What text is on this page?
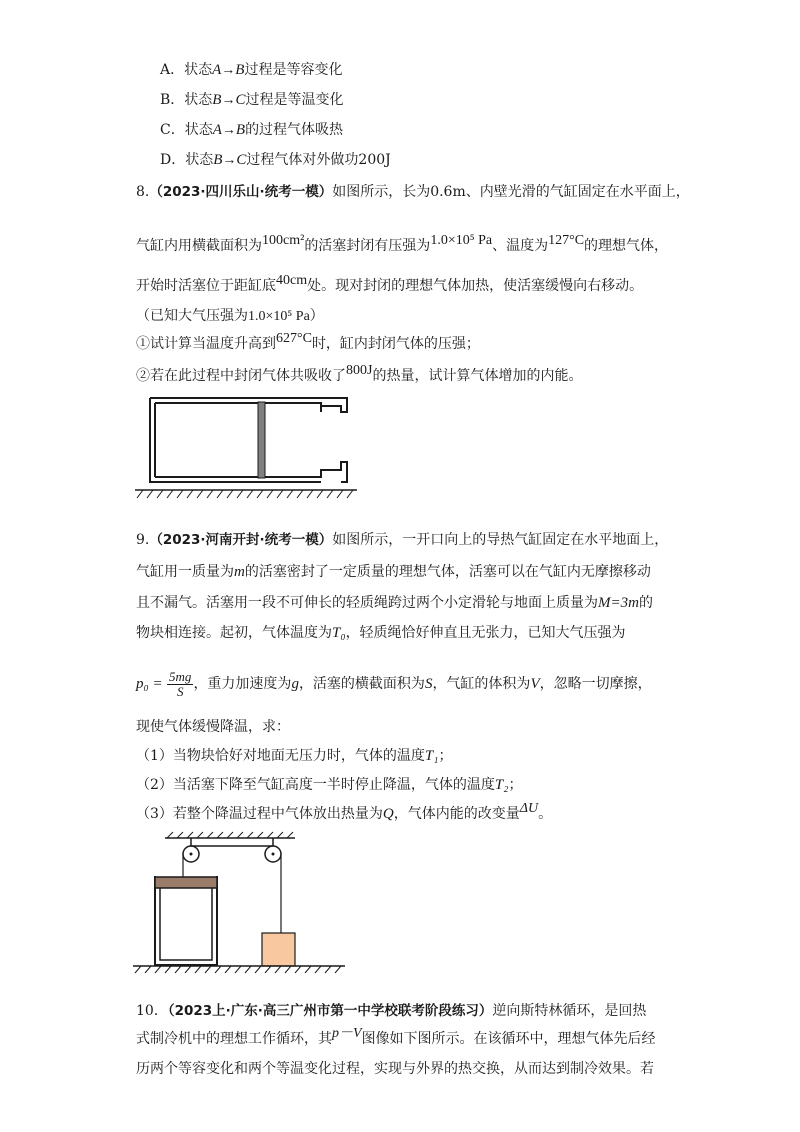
A．状态A→B过程是等容变化
B．状态B→C过程是等温变化
C．状态A→B的过程气体吸热
D．状态B→C过程气体对外做功200J
8.（2023·四川乐山·统考一模）如图所示，长为0.6m、内壁光滑的气缸固定在水平面上，
气缸内用横截面积为100cm²的活塞封闭有压强为1.0×10⁵ Pa、温度为127°C的理想气体，
开始时活塞位于距缸底40cm处。现对封闭的理想气体加热，使活塞缓慢向右移动。
（已知大气压强为1.0×10⁵ Pa）
①试计算当温度升高到627°C时，缸内封闭气体的压强；
②若在此过程中封闭气体共吸收了800J的热量，试计算气体增加的内能。
9.（2023·河南开封·统考一模）如图所示，一开口向上的导热气缸固定在水平地面上，
气缸用一质量为m的活塞密封了一定质量的理想气体，活塞可以在气缸内无摩擦移动
且不漏气。活塞用一段不可伸长的轻质绳跨过两个小定滑轮与地面上质量为M=3m的
物块相连接。起初，气体温度为T₀，轻质绳恰好伸直且无张力，已知大气压强为
$p_0 = \frac{5mg}{S}$ ，重力加速度为g，活塞的横截面积为S，气缸的体积为V，忽略一切摩擦，
现使气体缓慢降温，求：
（1）当物块恰好对地面无压力时，气体的温度T₁；
（2）当活塞下降至气缸高度一半时停止降温，气体的温度T₂；
（3）若整个降温过程中气体放出热量为Q，气体内能的改变量ΔU。
10．（2023上·广东·高三广州市第一中学校联考阶段练习）逆向斯特林循环，是回热
式制冷机中的理想工作循环，其p－V图像如下图所示。在该循环中，理想气体先后经
历两个等容变化和两个等温变化过程，实现与外界的热交换，从而达到制冷效果。若
